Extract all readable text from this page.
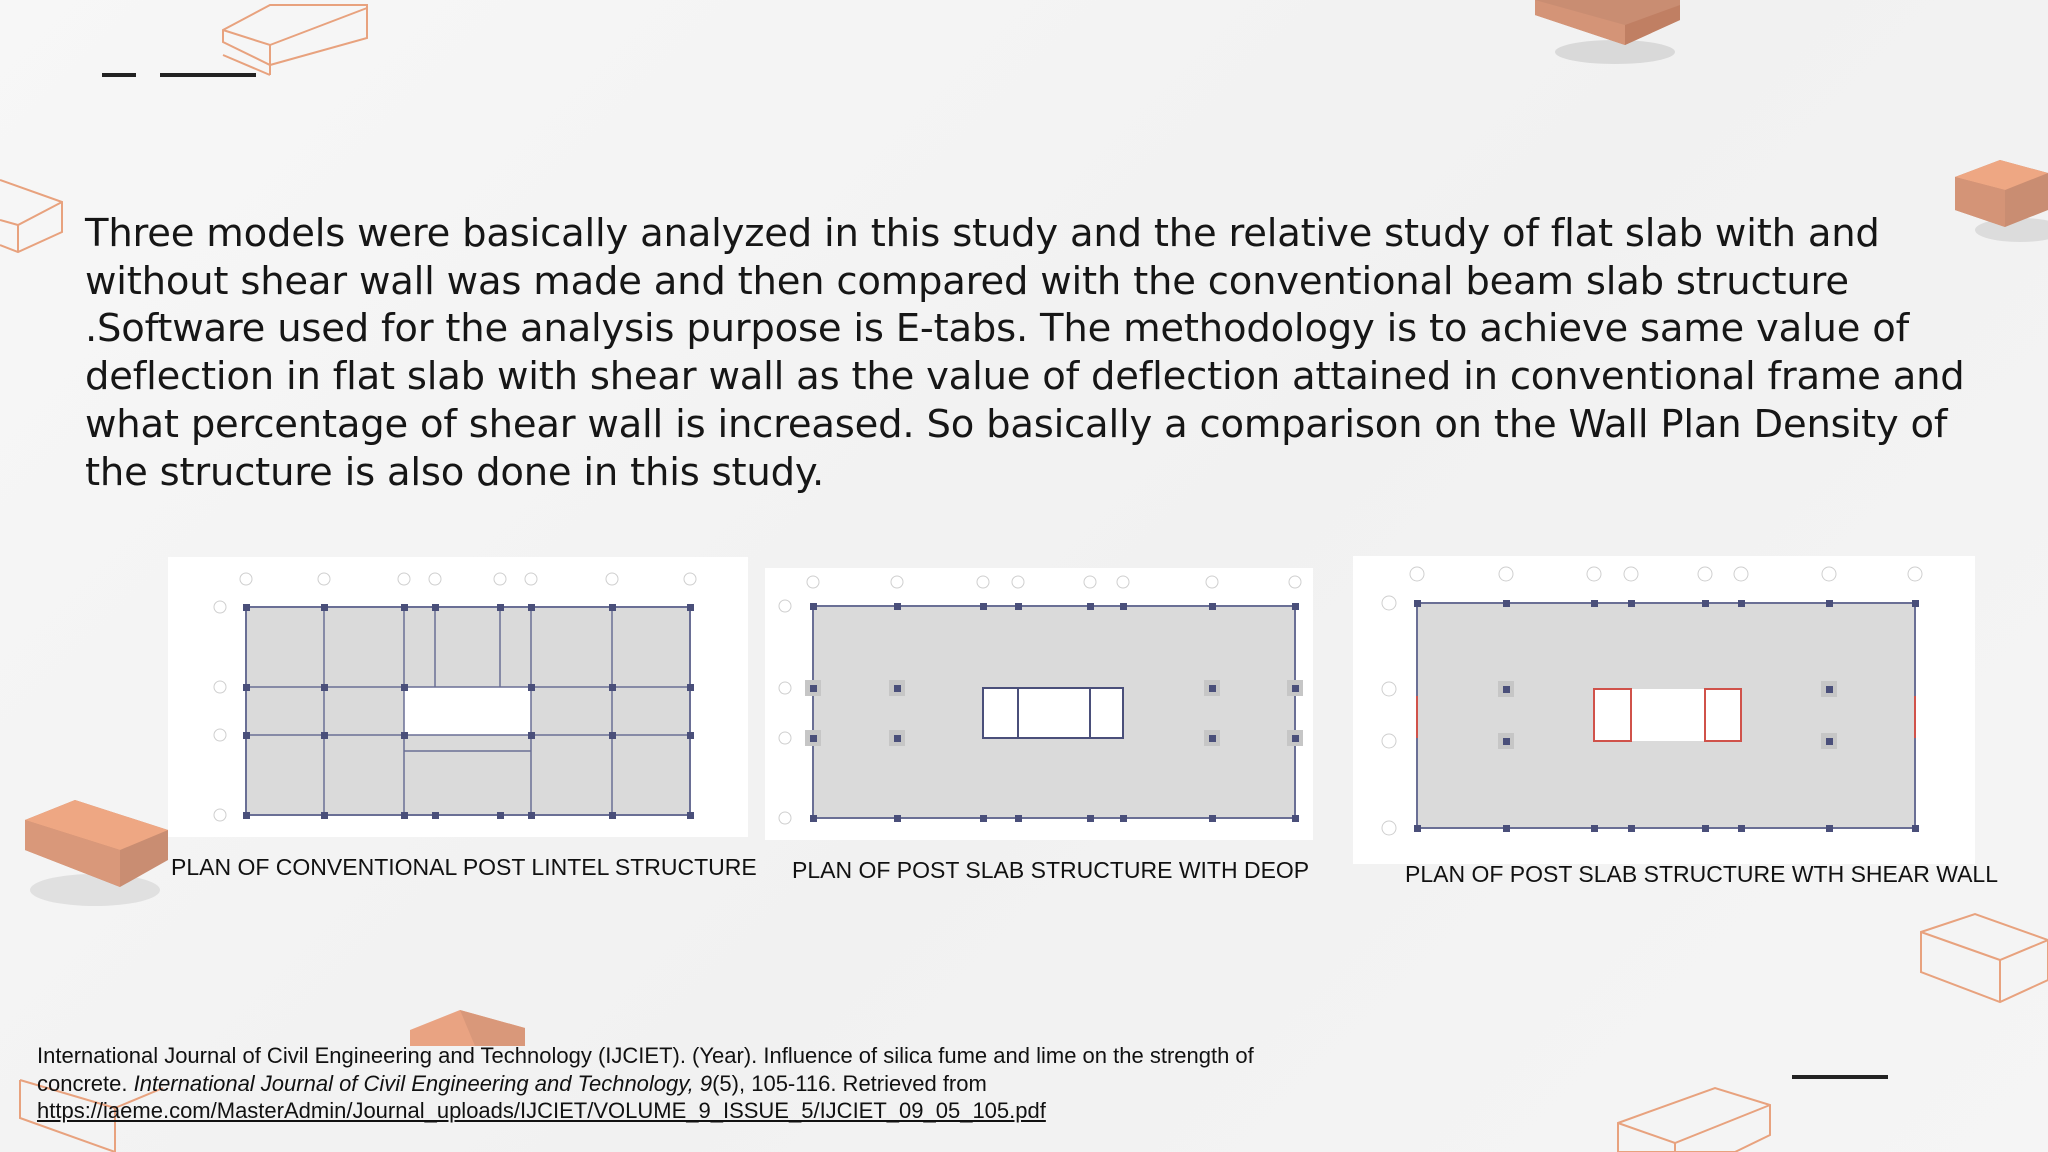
Three models were basically analyzed in this study and the relative study of flat slab with and without shear wall was made and then compared with the conventional beam slab structure .Software used for the analysis purpose is E-tabs. The methodology is to achieve same value of deflection in flat slab with shear wall as the value of deflection attained in conventional frame and what percentage of shear wall is increased. So basically a comparison on the Wall Plan Density of the structure is also done in this study.

PLAN OF CONVENTIONAL POST LINTEL STRUCTURE PLAN OF POST SLAB STRUCTURE WITH DEOP	PLAN OF POST SLAB STRUCTURE WTH SHEAR WALL
International Journal of Civil Engineering and Technology (IJCIET). (Year). Influence of silica fume and lime on the strength of concrete. International Journal of Civil Engineering and Technology, 9(5), 105-116. Retrieved from
https://iaeme.com/MasterAdmin/Journal_uploads/IJCIET/VOLUME_9_ISSUE_5/IJCIET_09_05_105.pdf
